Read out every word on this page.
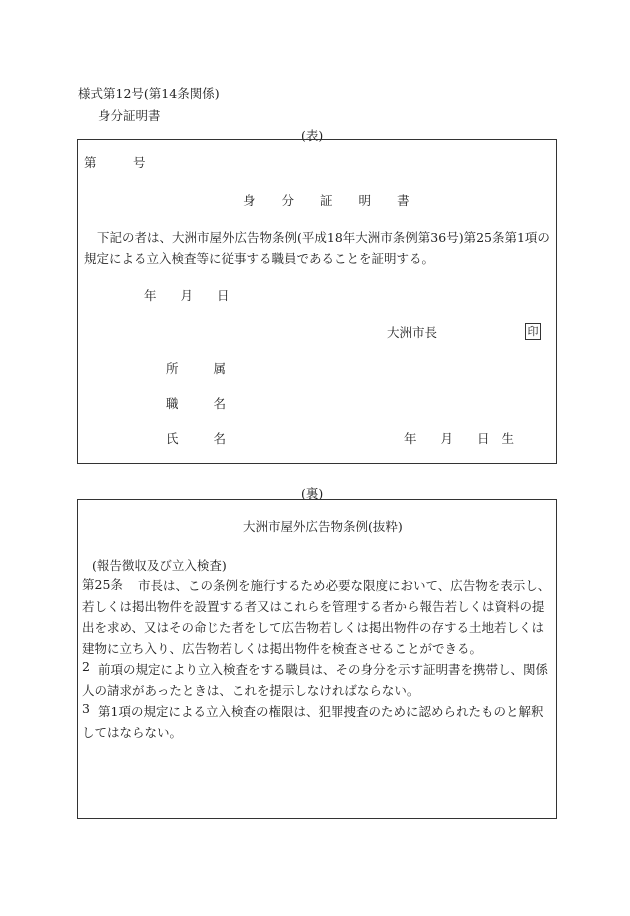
様式第12号(第14条関係)
身分証明書
(表)
第	号
身 分 証 明 書
下記の者は、大洲市屋外広告物条例(平成18年大洲市条例第36号)第25条第1項の規定による立入検査等に従事する職員であることを証明する。
年 月 日
大洲市長	印
所	属
職	名
氏	名	年 月 日 生
(裏)
大洲市屋外広告物条例(抜粋)
(報告徴収及び立入検査)
第25条	市長は、この条例を施行するため必要な限度において、広告物を表示し、若しくは掲出物件を設置する者又はこれらを管理する者から報告若しくは資料の提出を求め、又はその命じた者をして広告物若しくは掲出物件の存する土地若しくは建物に立ち入り、広告物若しくは掲出物件を検査させることができる。
2 前項の規定により立入検査をする職員は、その身分を示す証明書を携帯し、関係人の請求があったときは、これを提示しなければならない。
3 第1項の規定による立入検査の権限は、犯罪捜査のために認められたものと解釈してはならない。
